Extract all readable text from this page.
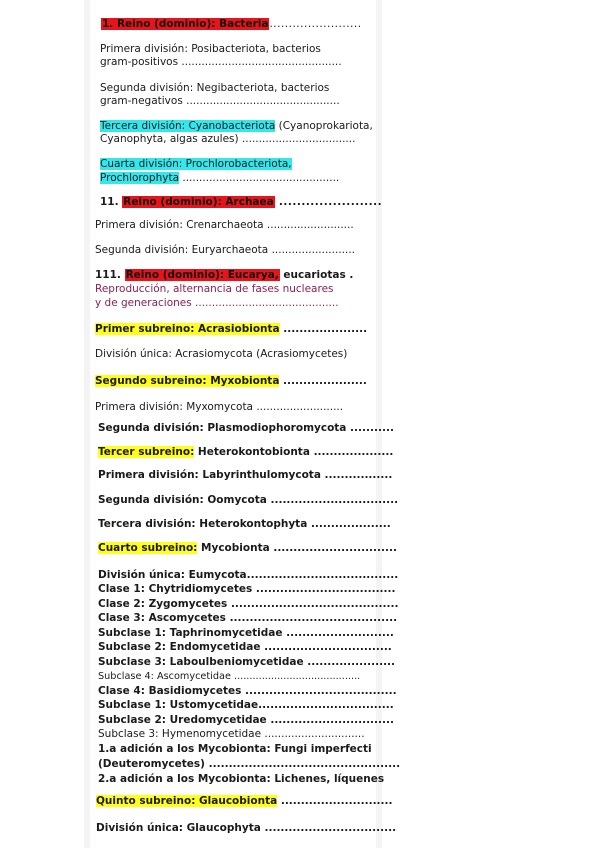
1. Reino (dominio): Bacteria........................
Primera división: Posibacteriota, bacterios
gram-positivos ................................................
Segunda división: Negibacteriota, bacterios
gram-negativos ..............................................
Tercera división: Cyanobacteriota (Cyanoprokariota,
Cyanophyta, algas azules) ..................................
Cuarta división: Prochlorobacteriota,
Prochlorophyta ...............................................
11. Reino (dominio): Archaea .......................
Primera división: Crenarchaeota ..........................
Segunda división: Euryarchaeota .........................
111. Reino (dominio): Eucarya, eucariotas .
Reproducción, alternancia de fases nucleares
y de generaciones ...........................................
Primer subreino: Acrasiobionta .....................
División única: Acrasiomycota (Acrasiomycetes)
Segundo subreino: Myxobionta .....................
Primera división: Myxomycota ..........................
Segunda división: Plasmodiophoromycota ...........
Tercer subreino: Heterokontobionta ....................
Primera división: Labyrinthulomycota .................
Segunda división: Oomycota ................................
Tercera división: Heterokontophyta ....................
Cuarto subreino: Mycobionta ...............................
División única: Eumycota......................................
Clase 1: Chytridiomycetes ...................................
Clase 2: Zygomycetes ..........................................
Clase 3: Ascomycetes ..........................................
Subclase 1: Taphrinomycetidae ...........................
Subclase 2: Endomycetidae ................................
Subclase 3: Laboulbeniomycetidae ......................
Subclase 4: Ascomycetidae .........................................
Clase 4: Basidiomycetes ......................................
Subclase 1: Ustomycetidae..................................
Subclase 2: Uredomycetidae ...............................
Subclase 3: Hymenomycetidae ..............................
1.a adición a los Mycobionta: Fungi imperfecti
(Deuteromycetes) ................................................
2.a adición a los Mycobionta: Lichenes, líquenes
Quinto subreino: Glaucobionta ............................
División única: Glaucophyta .................................
